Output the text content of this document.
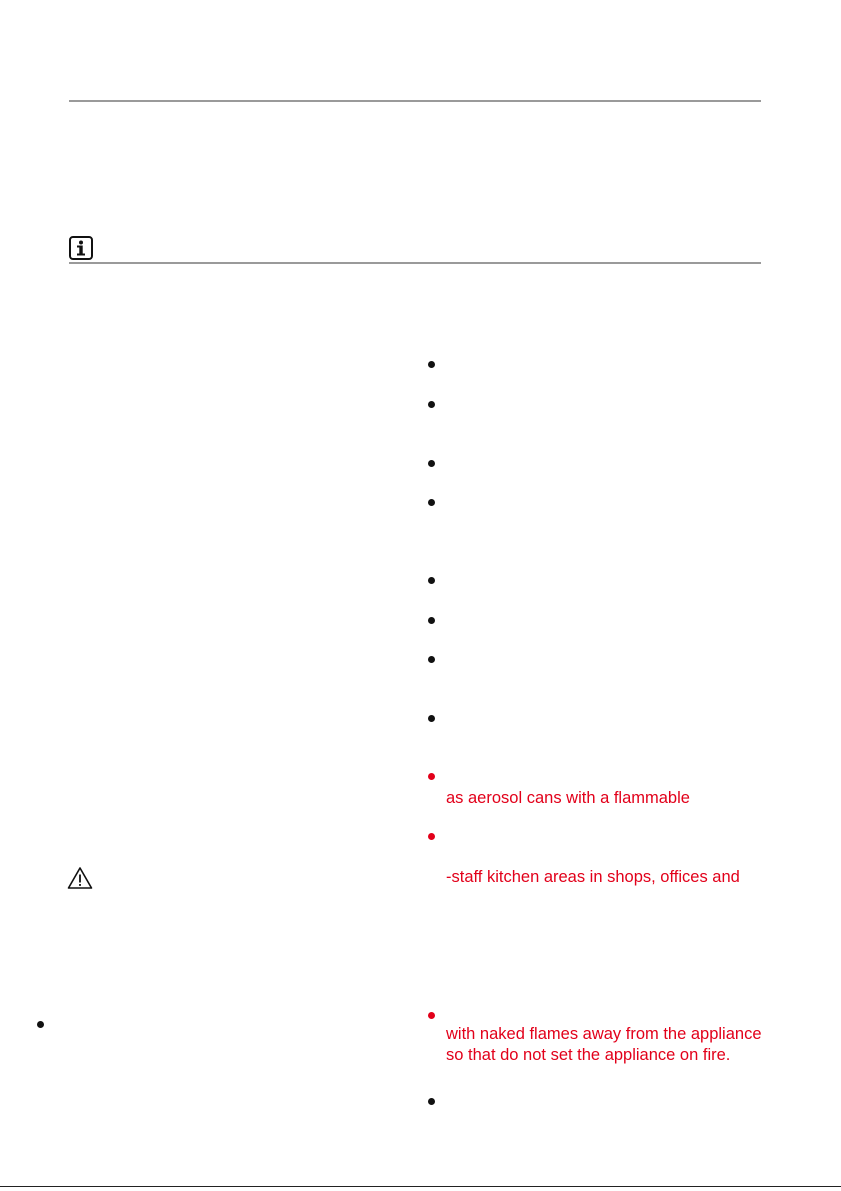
as aerosol cans with a flammable
-staff kitchen areas in shops, offices and
with naked flames away from the appliance
so that do not set the appliance on fire.
